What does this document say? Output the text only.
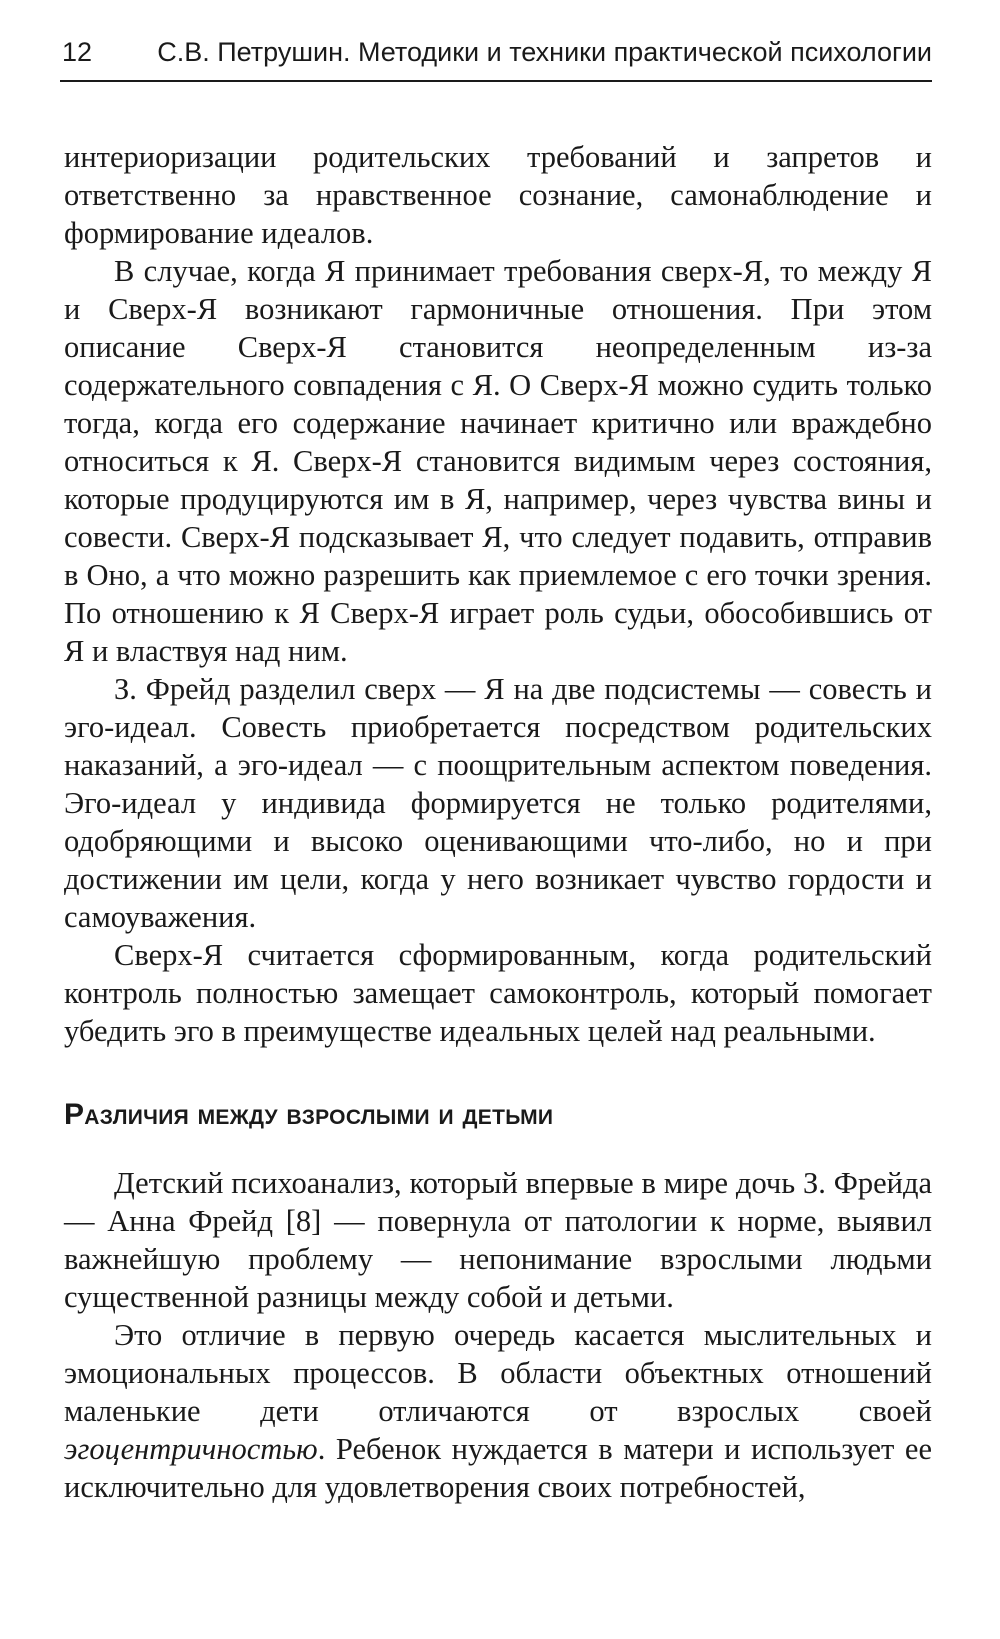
12 С.В. Петрушин. Методики и техники практической психологии

интериоризации родительских требований и запретов и ответственно за нравственное сознание, самонаблюдение и формирование идеалов.

В случае, когда Я принимает требования сверх-Я, то между Я и Сверх-Я возникают гармоничные отношения. При этом описание Сверх-Я становится неопределенным из-за содержательного совпадения с Я. О Сверх-Я можно судить только тогда, когда его содержание начинает критично или враждебно относиться к Я. Сверх-Я становится видимым через состояния, которые продуцируются им в Я, например, через чувства вины и совести. Сверх-Я подсказывает Я, что следует подавить, отправив в Оно, а что можно разрешить как приемлемое с его точки зрения. По отношению к Я Сверх-Я играет роль судьи, обособившись от Я и властвуя над ним.

З. Фрейд разделил сверх — Я на две подсистемы — совесть и эго-идеал. Совесть приобретается посредством родительских наказаний, а эго-идеал — с поощрительным аспектом поведения. Эго-идеал у индивида формируется не только родителями, одобряющими и высоко оценивающими что-либо, но и при достижении им цели, когда у него возникает чувство гордости и самоуважения.

Сверх-Я считается сформированным, когда родительский контроль полностью замещает самоконтроль, который помогает убедить эго в преимуществе идеальных целей над реальными.

Различия между взрослыми и детьми

Детский психоанализ, который впервые в мире дочь З. Фрейда — Анна Фрейд [8] — повернула от патологии к норме, выявил важнейшую проблему — непонимание взрослыми людьми существенной разницы между собой и детьми.

Это отличие в первую очередь касается мыслительных и эмоциональных процессов. В области объектных отношений маленькие дети отличаются от взрослых своей эгоцентричностью. Ребенок нуждается в матери и использует ее исключительно для удовлетворения своих потребностей,
